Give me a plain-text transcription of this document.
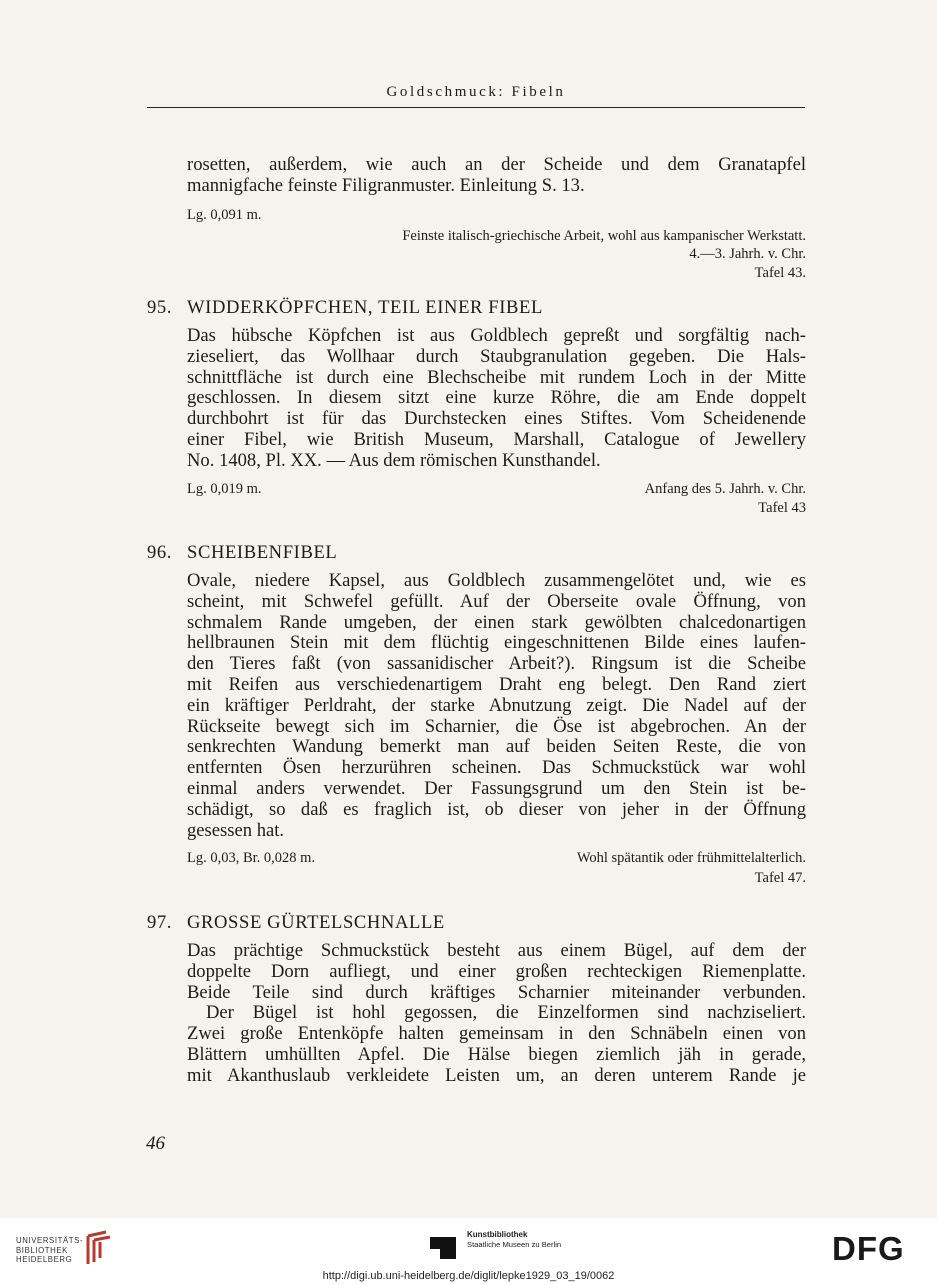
Goldschmuck: Fibeln
rosetten, außerdem, wie auch an der Scheide und dem Granatapfel
mannigfache feinste Filigranmuster. Einleitung S. 13.
Lg. 0,091 m.
Feinste italisch-griechische Arbeit, wohl aus kampanischer Werkstatt.
4.—3. Jahrh. v. Chr.
Tafel 43.
95. WIDDERKÖPFCHEN, TEIL EINER FIBEL
Das hübsche Köpfchen ist aus Goldblech gepreßt und sorgfältig nach-
zieseliert, das Wollhaar durch Staubgranulation gegeben. Die Hals-
schnittfläche ist durch eine Blechscheibe mit rundem Loch in der Mitte
geschlossen. In diesem sitzt eine kurze Röhre, die am Ende doppelt
durchbohrt ist für das Durchstecken eines Stiftes. Vom Scheidenende
einer Fibel, wie British Museum, Marshall, Catalogue of Jewellery
No. 1408, Pl. XX. — Aus dem römischen Kunsthandel.
Lg. 0,019 m.	Anfang des 5. Jahrh. v. Chr.
Tafel 43
96. SCHEIBENFIBEL
Ovale, niedere Kapsel, aus Goldblech zusammengelötet und, wie es
scheint, mit Schwefel gefüllt. Auf der Oberseite ovale Öffnung, von
schmalem Rande umgeben, der einen stark gewölbten chalcedonartigen
hellbraunen Stein mit dem flüchtig eingeschnittenen Bilde eines laufen-
den Tieres faßt (von sassanidischer Arbeit?). Ringsum ist die Scheibe
mit Reifen aus verschiedenartigem Draht eng belegt. Den Rand ziert
ein kräftiger Perldraht, der starke Abnutzung zeigt. Die Nadel auf der
Rückseite bewegt sich im Scharnier, die Öse ist abgebrochen. An der
senkrechten Wandung bemerkt man auf beiden Seiten Reste, die von
entfernten Ösen herzurühren scheinen. Das Schmuckstück war wohl
einmal anders verwendet. Der Fassungsgrund um den Stein ist be-
schädigt, so daß es fraglich ist, ob dieser von jeher in der Öffnung
gesessen hat.
Lg. 0,03, Br. 0,028 m.	Wohl spätantik oder frühmittelalterlich.
Tafel 47.
97. GROSSE GÜRTELSCHNALLE
Das prächtige Schmuckstück besteht aus einem Bügel, auf dem der
doppelte Dorn aufliegt, und einer großen rechteckigen Riemenplatte.
Beide Teile sind durch kräftiges Scharnier miteinander verbunden.
Der Bügel ist hohl gegossen, die Einzelformen sind nachziseliert.
Zwei große Entenköpfe halten gemeinsam in den Schnäbeln einen von
Blättern umhüllten Apfel. Die Hälse biegen ziemlich jäh in gerade,
mit Akanthuslaub verkleidete Leisten um, an deren unterem Rande je
46
UNIVERSITÄTS-
BIBLIOTHEK
HEIDELBERG
Kunstbibliothek
Staatliche Museen zu Berlin	DFG
http://digi.ub.uni-heidelberg.de/diglit/lepke1929_03_19/0062
